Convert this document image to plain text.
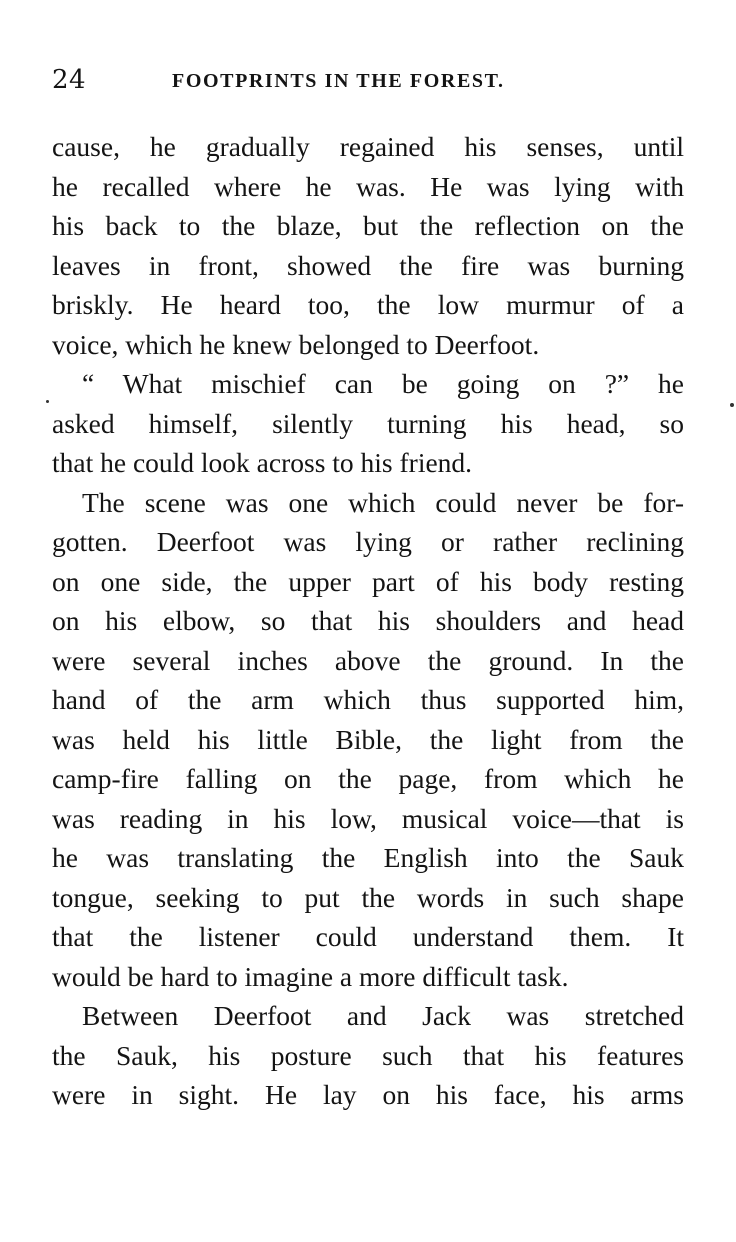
24	FOOTPRINTS IN THE FOREST.

cause, he gradually regained his senses, until
he recalled where he was. He was lying with
his back to the blaze, but the reflection on the
leaves in front, showed the fire was burning
briskly. He heard too, the low murmur of a
voice, which he knew belonged to Deerfoot.

“ What mischief can be going on ?” he
asked himself, silently turning his head, so
that he could look across to his friend.

The scene was one which could never be for-
gotten. Deerfoot was lying or rather reclining
on one side, the upper part of his body resting
on his elbow, so that his shoulders and head
were several inches above the ground. In the
hand of the arm which thus supported him,
was held his little Bible, the light from the
camp-fire falling on the page, from which he
was reading in his low, musical voice—that is
he was translating the English into the Sauk
tongue, seeking to put the words in such shape
that the listener could understand them. It
would be hard to imagine a more difficult task.

Between Deerfoot and Jack was stretched
the Sauk, his posture such that his features
were in sight. He lay on his face, his arms
